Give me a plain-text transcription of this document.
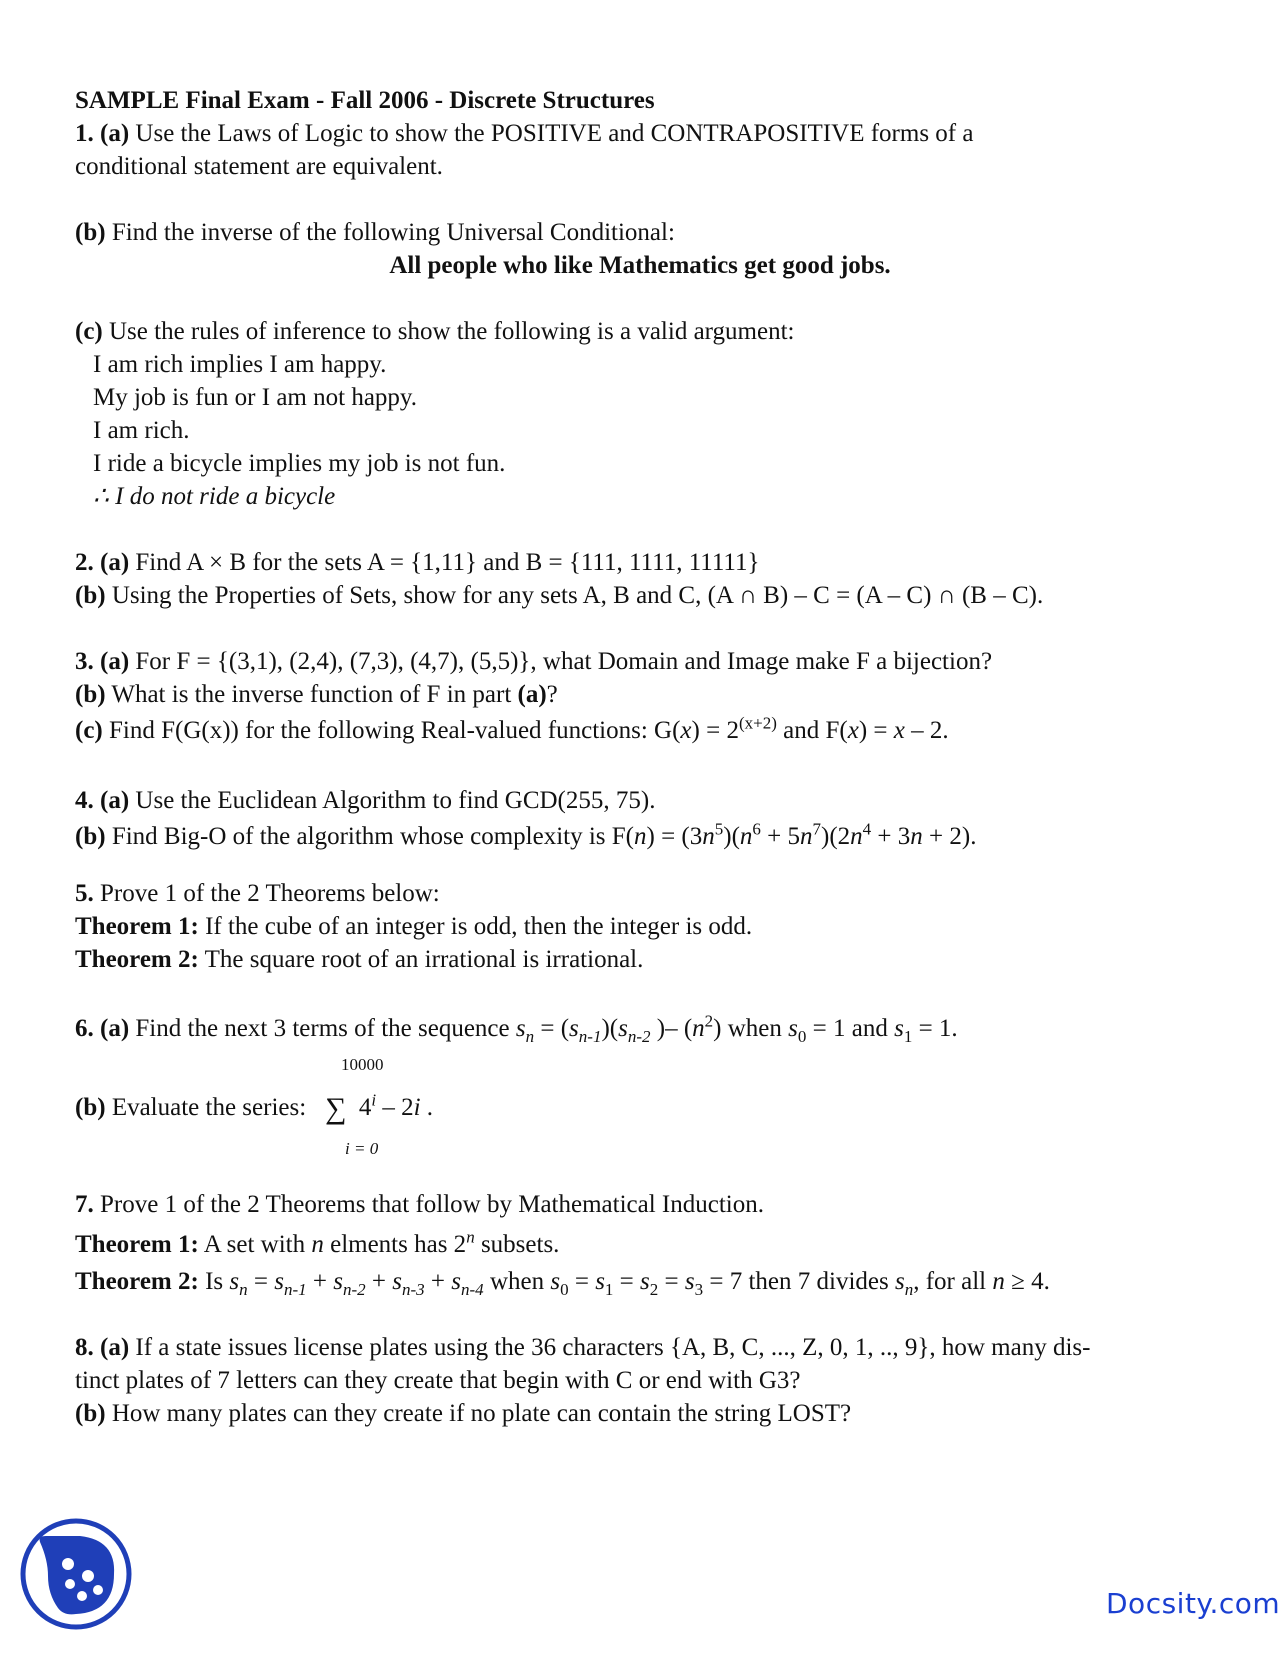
SAMPLE Final Exam - Fall 2006 - Discrete Structures
1. (a) Use the Laws of Logic to show the POSITIVE and CONTRAPOSITIVE forms of a
conditional statement are equivalent.
(b) Find the inverse of the following Universal Conditional:
All people who like Mathematics get good jobs.
(c) Use the rules of inference to show the following is a valid argument:
I am rich implies I am happy.
My job is fun or I am not happy.
I am rich.
I ride a bicycle implies my job is not fun.
∴ I do not ride a bicycle
2. (a) Find A × B for the sets A = {1,11} and B = {111, 1111, 11111}
(b) Using the Properties of Sets, show for any sets A, B and C, (A ∩ B) – C = (A – C) ∩ (B – C).
3. (a) For F = {(3,1), (2,4), (7,3), (4,7), (5,5)}, what Domain and Image make F a bijection?
(b) What is the inverse function of F in part (a)?
(c) Find F(G(x)) for the following Real-valued functions: $G(x) = 2^{(x+2)}$ and F(x) = x – 2.
4. (a) Use the Euclidean Algorithm to find GCD(255, 75).
(b) Find Big-O of the algorithm whose complexity is $F(n) = (3n^5)(n^6 + 5n^7)(2n^4 + 3n + 2)$.
5. Prove 1 of the 2 Theorems below:
Theorem 1: If the cube of an integer is odd, then the integer is odd.
Theorem 2: The square root of an irrational is irrational.
6. (a) Find the next 3 terms of the sequence $s_n = (s_{n-1})(s_{n-2}$ )– $(n^2)$ when $s_0 = 1$ and $s_1 = 1$.
10000
(b) Evaluate the series: ∑ 4$^i$ – 2i .
i = 0
7. Prove 1 of the 2 Theorems that follow by Mathematical Induction.
Theorem 1: A set with n elments has 2$^n$ subsets.
Theorem 2: Is $s_n = s_{n-1} + s_{n-2} + s_{n-3} + s_{n-4}$ when $s_0 = s_1 = s_2 = s_3 = 7$ then 7 divides $s_n$, for all n ≥ 4.
8. (a) If a state issues license plates using the 36 characters {A, B, C, ..., Z, 0, 1, .., 9}, how many dis-
tinct plates of 7 letters can they create that begin with C or end with G3?
(b) How many plates can they create if no plate can contain the string LOST?
Docsity.com
